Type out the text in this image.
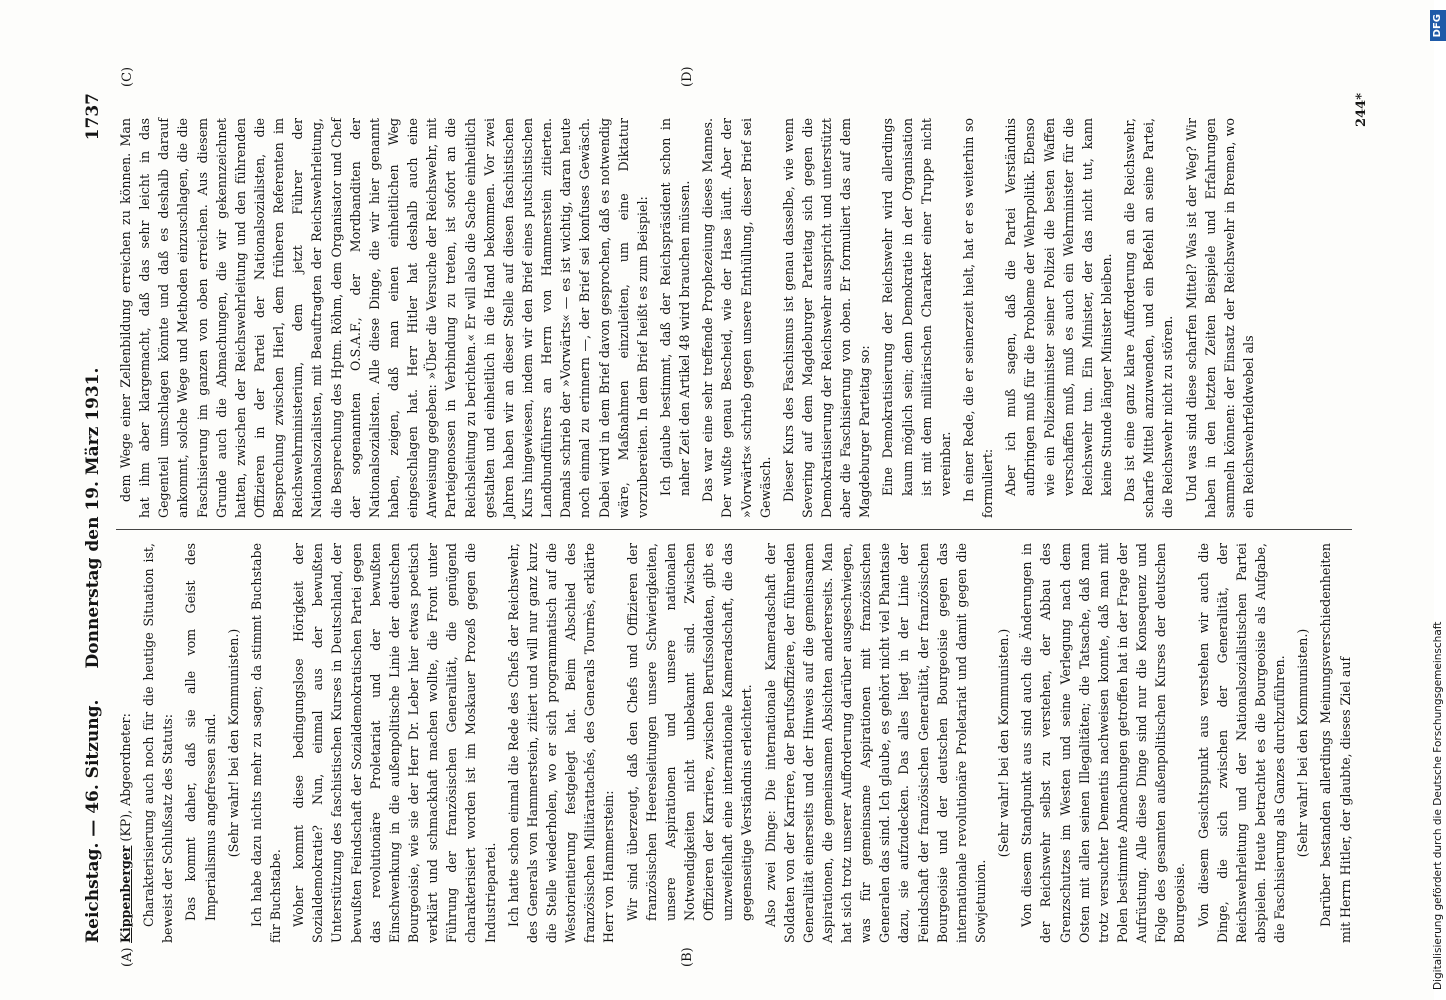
Reichstag. — 46. Sitzung.
Donnerstag den 19. März 1931.
1737
(A)	(B)
(C)	(D)

Kippenberger (KP), Abgeordneter: Charakterisierung auch noch für die heutige Situation ist, beweist der Schlußsatz des Statuts: Das kommt daher, daß sie alle vom Geist des Imperialismus angefressen sind. (Sehr wahr! bei den Kommunisten.) Ich habe dazu nichts mehr zu sagen; da stimmt Buchstabe für Buchstabe. Woher kommt diese bedingungslose Hörigkeit der Sozialdemokratie? Nun, einmal aus der bewußten Unterstützung des faschistischen Kurses in Deutschland, der bewußten Feindschaft der Sozialdemokratischen Partei gegen das revolutionäre Proletariat und der bewußten Einschwenkung in die außenpolitische Linie der deutschen Bourgeoisie, wie sie der Herr Dr. Leber hier etwas poetisch verklärt und schmackhaft machen wollte, die Front unter Führung der französischen Generalität, die genügend charakterisiert worden ist im Moskauer Prozeß gegen die Industriepartei. Ich hatte schon einmal die Rede des Chefs der Reichswehr, des Generals von Hammerstein, zitiert und will nur ganz kurz die Stelle wiederholen, wo er sich programmatisch auf die Westorientierung festgelegt hat. Beim Abschied des französischen Militärattachés, des Generals Tournès, erklärte Herr von Hammerstein: Wir sind überzeugt, daß den Chefs und Offizieren der französischen Heeresleitungen unsere Schwierigkeiten, unsere Aspirationen und unsere nationalen Notwendigkeiten nicht unbekannt sind. Zwischen Offizieren der Karriere, zwischen Berufssoldaten, gibt es unzweifelhaft eine internationale Kameradschaft, die das gegenseitige Verständnis erleichtert. Also zwei Dinge: Die internationale Kameradschaft der Soldaten von der Karriere, der Berufsoffiziere, der führenden Generalität einerseits und der Hinweis auf die gemeinsamen Aspirationen, die gemeinsamen Absichten andererseits. Man hat sich trotz unserer Aufforderung darüber ausgeschwiegen, was für gemeinsame Aspirationen mit französischen Generalen das sind. Ich glaube, es gehört nicht viel Phantasie dazu, sie aufzudecken. Das alles liegt in der Linie der Feindschaft der französischen Generalität, der französischen Bourgeoisie und der deutschen Bourgeoisie gegen das internationale revolutionäre Proletariat und damit gegen die Sowjetunion.

(Sehr wahr! bei den Kommunisten.) Von diesem Standpunkt aus sind auch die Änderungen in der Reichswehr selbst zu verstehen, der Abbau des Grenzschutzes im Westen und seine Verlegung nach dem Osten mit allen seinen Illegalitäten; die Tatsache, daß man trotz versuchter Dementis nachweisen konnte, daß man mit Polen bestimmte Abmachungen getroffen hat in der Frage der Aufrüstung. Alle diese Dinge sind nur die Konsequenz und Folge des gesamten außenpolitischen Kurses der deutschen Bourgeoisie. Von diesem Gesichtspunkt aus verstehen wir auch die Dinge, die sich zwischen der Generalität, der Reichswehrleitung und der Nationalsozialistischen Partei abspielen. Heute betrachtet es die Bourgeoisie als Aufgabe, die Faschisierung als Ganzes durchzuführen. (Sehr wahr! bei den Kommunisten.) Darüber bestanden allerdings Meinungsverschiedenheiten mit Herrn Hitler, der glaubte, dieses Ziel auf

dem Wege einer Zellenbildung erreichen zu können. Man hat ihm aber klargemacht, daß das sehr leicht in das Gegenteil umschlagen könnte und daß es deshalb darauf ankommt, solche Wege und Methoden einzuschlagen, die die Faschisierung im ganzen von oben erreichen. Aus diesem Grunde auch die Abmachungen, die wir gekennzeichnet hatten, zwischen der Reichswehrleitung und den führenden Offizieren in der Partei der Nationalsozialisten, die Besprechung zwischen Hierl, dem früheren Referenten im Reichswehrministerium, dem jetzt Führer der Nationalsozialisten, mit Beauftragten der Reichswehrleitung, die Besprechung des Hptm. Röhm, dem Organisator und Chef der sogenannten O.S.A.F., der Mordbanditen der Nationalsozialisten. Alle diese Dinge, die wir hier genannt haben, zeigen, daß man einen einheitlichen Weg eingeschlagen hat. Herr Hitler hat deshalb auch eine Anweisung gegeben: »Über die Versuche der Reichswehr, mit Parteigenossen in Verbindung zu treten, ist sofort an die Reichsleitung zu berichten.« Er will also die Sache einheitlich gestalten und einheitlich in die Hand bekommen. Vor zwei Jahren haben wir an dieser Stelle auf diesen faschistischen Kurs hingewiesen, indem wir den Brief eines putschistischen Landbundführers an Herrn von Hammerstein zitierten. Damals schrieb der »Vorwärts« — es ist wichtig, daran heute noch einmal zu erinnern —, der Brief sei konfuses Gewäsch. Dabei wird in dem Brief davon gesprochen, daß es notwendig wäre, Maßnahmen einzuleiten, um eine Diktatur vorzubereiten. In dem Brief heißt es zum Beispiel: Ich glaube bestimmt, daß der Reichspräsident schon in naher Zeit den Artikel 48 wird brauchen müssen. Das war eine sehr treffende Prophezeiung dieses Mannes. Der wußte genau Bescheid, wie der Hase läuft. Aber der »Vorwärts« schrieb gegen unsere Enthüllung, dieser Brief sei Gewäsch. Dieser Kurs des Faschismus ist genau dasselbe, wie wenn Severing auf dem Magdeburger Parteitag sich gegen die Demokratisierung der Reichswehr ausspricht und unterstützt aber die Faschisierung von oben. Er formuliert das auf dem Magdeburger Parteitag so: Eine Demokratisierung der Reichswehr wird allerdings kaum möglich sein; denn Demokratie in der Organisation ist mit dem militärischen Charakter einer Truppe nicht vereinbar. In einer Rede, die er seinerzeit hielt, hat er es weiterhin so formuliert: Aber ich muß sagen, daß die Partei Verständnis aufbringen muß für die Probleme der Wehrpolitik. Ebenso wie ein Polizeiminister seiner Polizei die besten Waffen verschaffen muß, muß es auch ein Wehrminister für die Reichswehr tun. Ein Minister, der das nicht tut, kann keine Stunde länger Minister bleiben. Das ist eine ganz klare Aufforderung an die Reichswehr, scharfe Mittel anzuwenden, und ein Befehl an seine Partei, die Reichswehr nicht zu stören. Und was sind diese scharfen Mittel? Was ist der Weg? Wir haben in den letzten Zeiten Beispiele und Erfahrungen sammeln können: der Einsatz der Reichswehr in Bremen, wo ein Reichswehrfeldwebel als

244*
Digitalisierung gefördert durch die Deutsche Forschungsgemeinschaft
DFG
